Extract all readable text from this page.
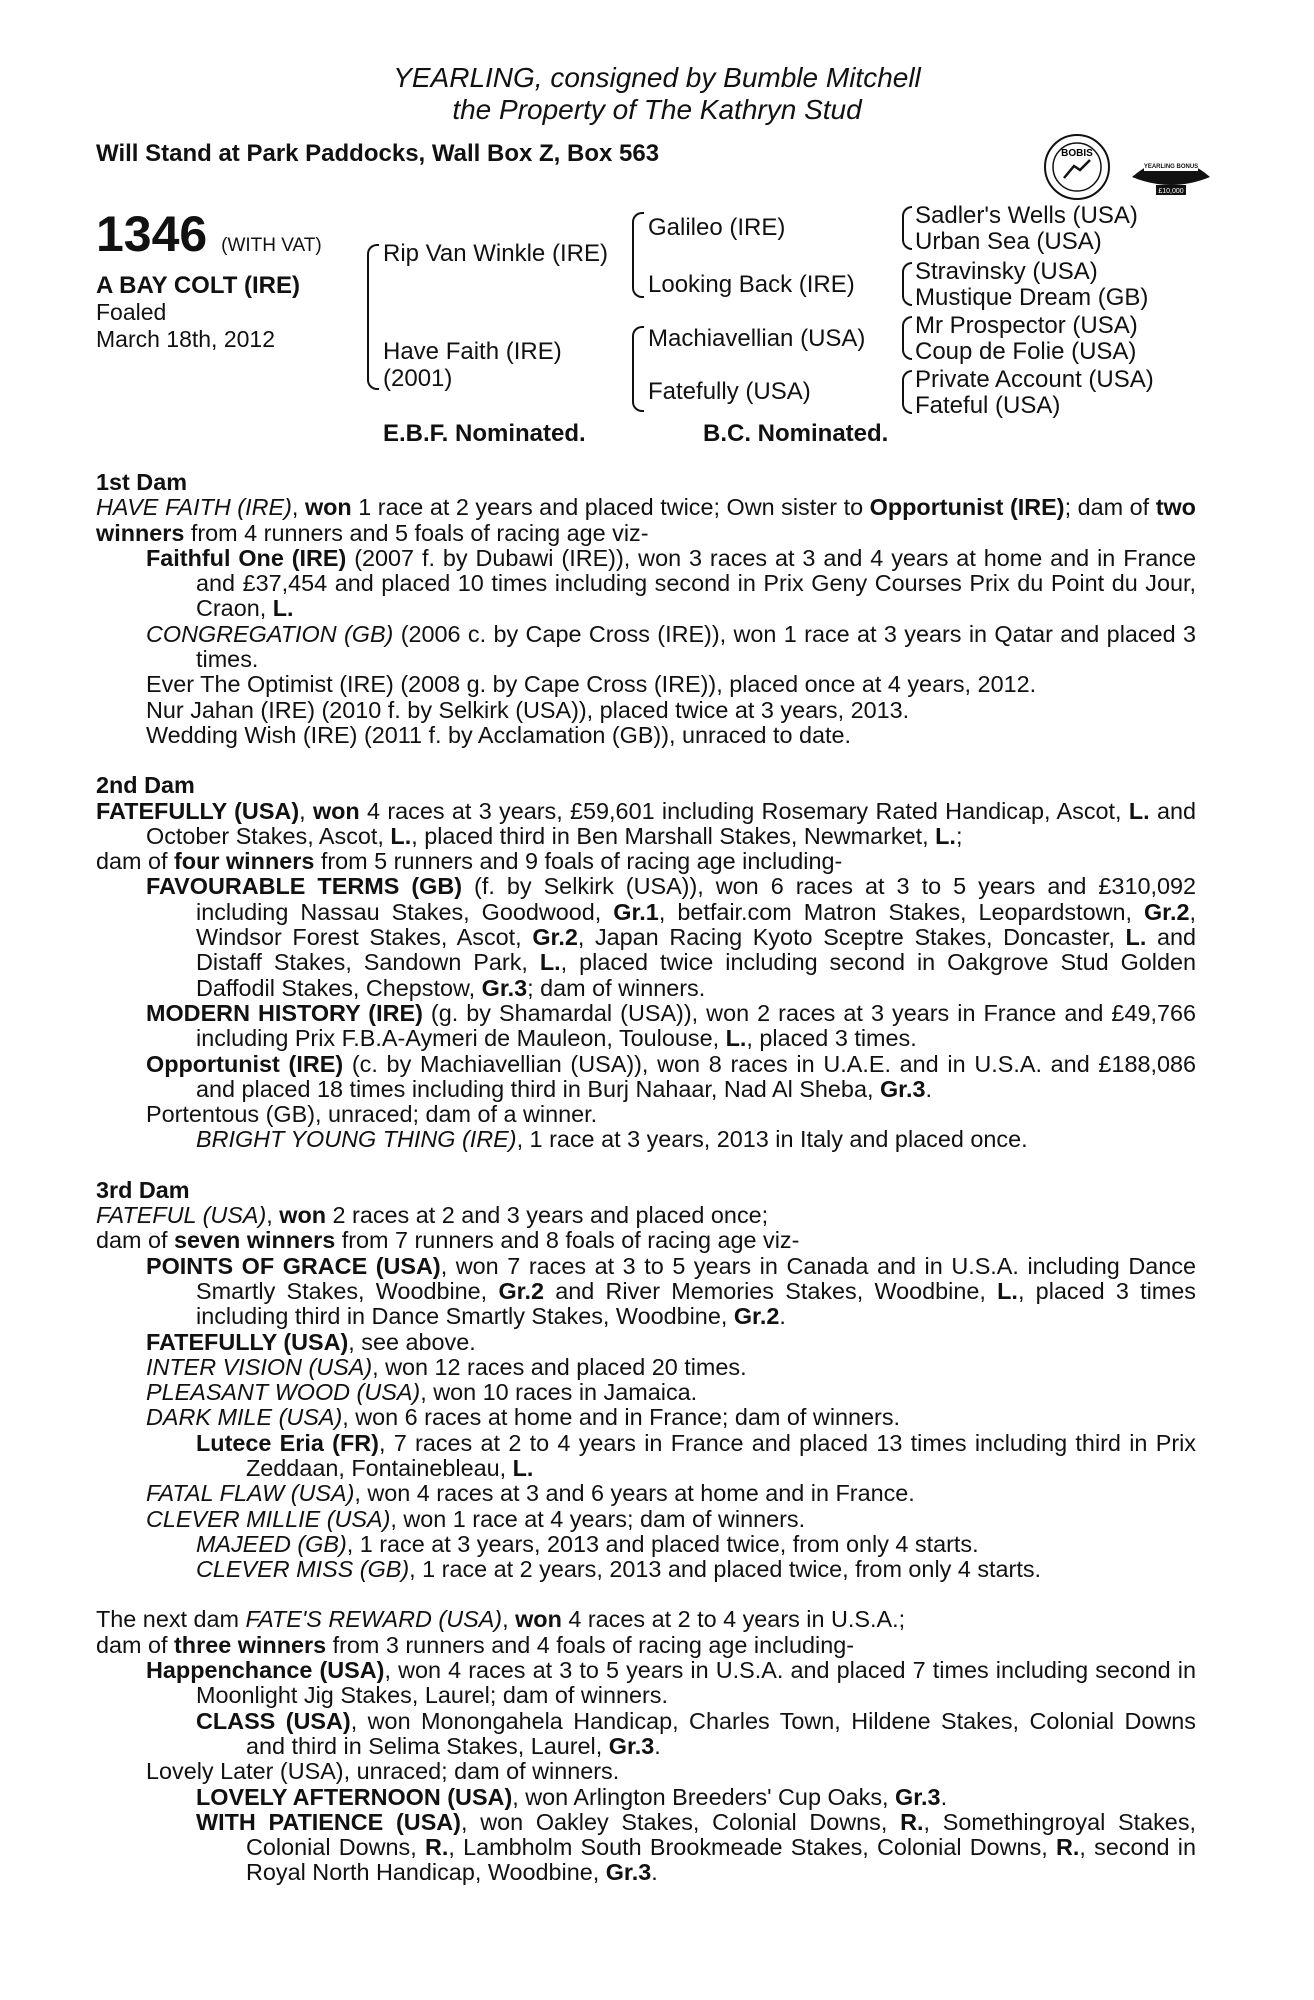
YEARLING, consigned by Bumble Mitchell
the Property of The Kathryn Stud
Will Stand at Park Paddocks, Wall Box Z, Box 563	BOBIS
YEARLING BONUS
RACING POST
£10,000
1346 (WITH VAT)
A BAY COLT (IRE)
Foaled
March 18th, 2012
Rip Van Winkle (IRE)
Have Faith (IRE)
(2001)
Galileo (IRE)
Looking Back (IRE)
Machiavellian (USA)
Fatefully (USA)
Sadler's Wells (USA)
Urban Sea (USA)
Stravinsky (USA)
Mustique Dream (GB)
Mr Prospector (USA)
Coup de Folie (USA)
Private Account (USA)
Fateful (USA)
E.B.F. Nominated.	B.C. Nominated.

1st Dam

HAVE FAITH (IRE), won 1 race at 2 years and placed twice; Own sister to Opportunist (IRE); dam of two winners from 4 runners and 5 foals of racing age viz-

Faithful One (IRE) (2007 f. by Dubawi (IRE)), won 3 races at 3 and 4 years at home and in France and £37,454 and placed 10 times including second in Prix Geny Courses Prix du Point du Jour, Craon, L.

CONGREGATION (GB) (2006 c. by Cape Cross (IRE)), won 1 race at 3 years in Qatar and placed 3 times.

Ever The Optimist (IRE) (2008 g. by Cape Cross (IRE)), placed once at 4 years, 2012.

Nur Jahan (IRE) (2010 f. by Selkirk (USA)), placed twice at 3 years, 2013.

Wedding Wish (IRE) (2011 f. by Acclamation (GB)), unraced to date.

2nd Dam

FATEFULLY (USA), won 4 races at 3 years, £59,601 including Rosemary Rated Handicap, Ascot, L. and October Stakes, Ascot, L., placed third in Ben Marshall Stakes, Newmarket, L.;

dam of four winners from 5 runners and 9 foals of racing age including-

FAVOURABLE TERMS (GB) (f. by Selkirk (USA)), won 6 races at 3 to 5 years and £310,092 including Nassau Stakes, Goodwood, Gr.1, betfair.com Matron Stakes, Leopardstown, Gr.2, Windsor Forest Stakes, Ascot, Gr.2, Japan Racing Kyoto Sceptre Stakes, Doncaster, L. and Distaff Stakes, Sandown Park, L., placed twice including second in Oakgrove Stud Golden Daffodil Stakes, Chepstow, Gr.3; dam of winners.

MODERN HISTORY (IRE) (g. by Shamardal (USA)), won 2 races at 3 years in France and £49,766 including Prix F.B.A-Aymeri de Mauleon, Toulouse, L., placed 3 times.

Opportunist (IRE) (c. by Machiavellian (USA)), won 8 races in U.A.E. and in U.S.A. and £188,086 and placed 18 times including third in Burj Nahaar, Nad Al Sheba, Gr.3.

Portentous (GB), unraced; dam of a winner.

BRIGHT YOUNG THING (IRE), 1 race at 3 years, 2013 in Italy and placed once.

3rd Dam

FATEFUL (USA), won 2 races at 2 and 3 years and placed once;

dam of seven winners from 7 runners and 8 foals of racing age viz-

POINTS OF GRACE (USA), won 7 races at 3 to 5 years in Canada and in U.S.A. including Dance Smartly Stakes, Woodbine, Gr.2 and River Memories Stakes, Woodbine, L., placed 3 times including third in Dance Smartly Stakes, Woodbine, Gr.2.

FATEFULLY (USA), see above.

INTER VISION (USA), won 12 races and placed 20 times.

PLEASANT WOOD (USA), won 10 races in Jamaica.

DARK MILE (USA), won 6 races at home and in France; dam of winners.

Lutece Eria (FR), 7 races at 2 to 4 years in France and placed 13 times including third in Prix Zeddaan, Fontainebleau, L.

FATAL FLAW (USA), won 4 races at 3 and 6 years at home and in France.

CLEVER MILLIE (USA), won 1 race at 4 years; dam of winners.

MAJEED (GB), 1 race at 3 years, 2013 and placed twice, from only 4 starts.

CLEVER MISS (GB), 1 race at 2 years, 2013 and placed twice, from only 4 starts.

The next dam FATE'S REWARD (USA), won 4 races at 2 to 4 years in U.S.A.;

dam of three winners from 3 runners and 4 foals of racing age including-

Happenchance (USA), won 4 races at 3 to 5 years in U.S.A. and placed 7 times including second in Moonlight Jig Stakes, Laurel; dam of winners.

CLASS (USA), won Monongahela Handicap, Charles Town, Hildene Stakes, Colonial Downs and third in Selima Stakes, Laurel, Gr.3.

Lovely Later (USA), unraced; dam of winners.

LOVELY AFTERNOON (USA), won Arlington Breeders' Cup Oaks, Gr.3.

WITH PATIENCE (USA), won Oakley Stakes, Colonial Downs, R., Somethingroyal Stakes, Colonial Downs, R., Lambholm South Brookmeade Stakes, Colonial Downs, R., second in Royal North Handicap, Woodbine, Gr.3.
